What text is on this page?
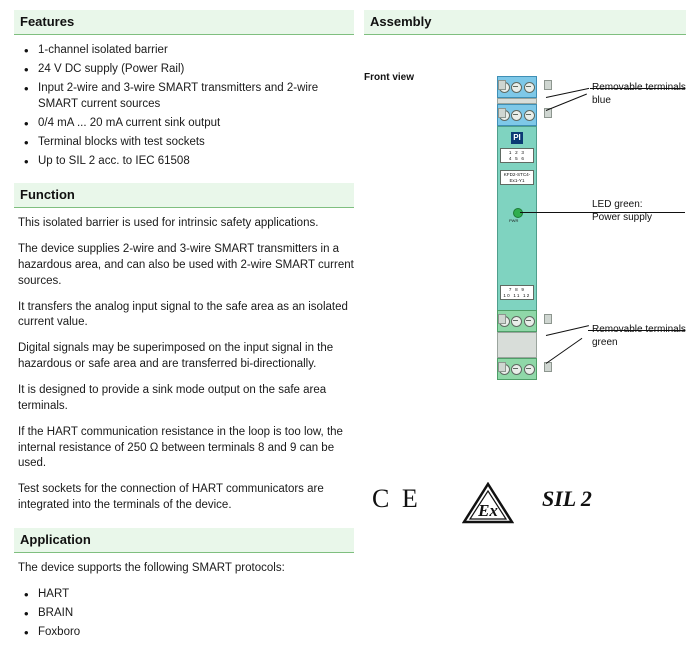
Features
• 1-channel isolated barrier
• 24 V DC supply (Power Rail)
• Input 2-wire and 3-wire SMART transmitters and 2-wire SMART current sources
• 0/4 mA ... 20 mA current sink output
• Terminal blocks with test sockets
• Up to SIL 2 acc. to IEC 61508
Function

This isolated barrier is used for intrinsic safety applications.

The device supplies 2-wire and 3-wire SMART transmitters in a hazardous area, and can also be used with 2-wire SMART current sources.

It transfers the analog input signal to the safe area as an isolated current value.

Digital signals may be superimposed on the input signal in the hazardous or safe area and are transferred bi-directionally.

It is designed to provide a sink mode output on the safe area terminals.

If the HART communication resistance in the loop is too low, the internal resistance of 250 Ω between terminals 8 and 9 can be used.

Test sockets for the connection of HART communicators are integrated into the terminals of the device.

Application

The device supports the following SMART protocols:

• HART
• BRAIN
• Foxboro
Assembly
Front view
PI
1 2 3
4 5 6
KFD2-STC4-Ex1-Y1
PWR
7 8 9
10 11 12
Removable terminals
blue
LED green:
Power supply
Removable terminals
green
C E	Ex SIL 2
